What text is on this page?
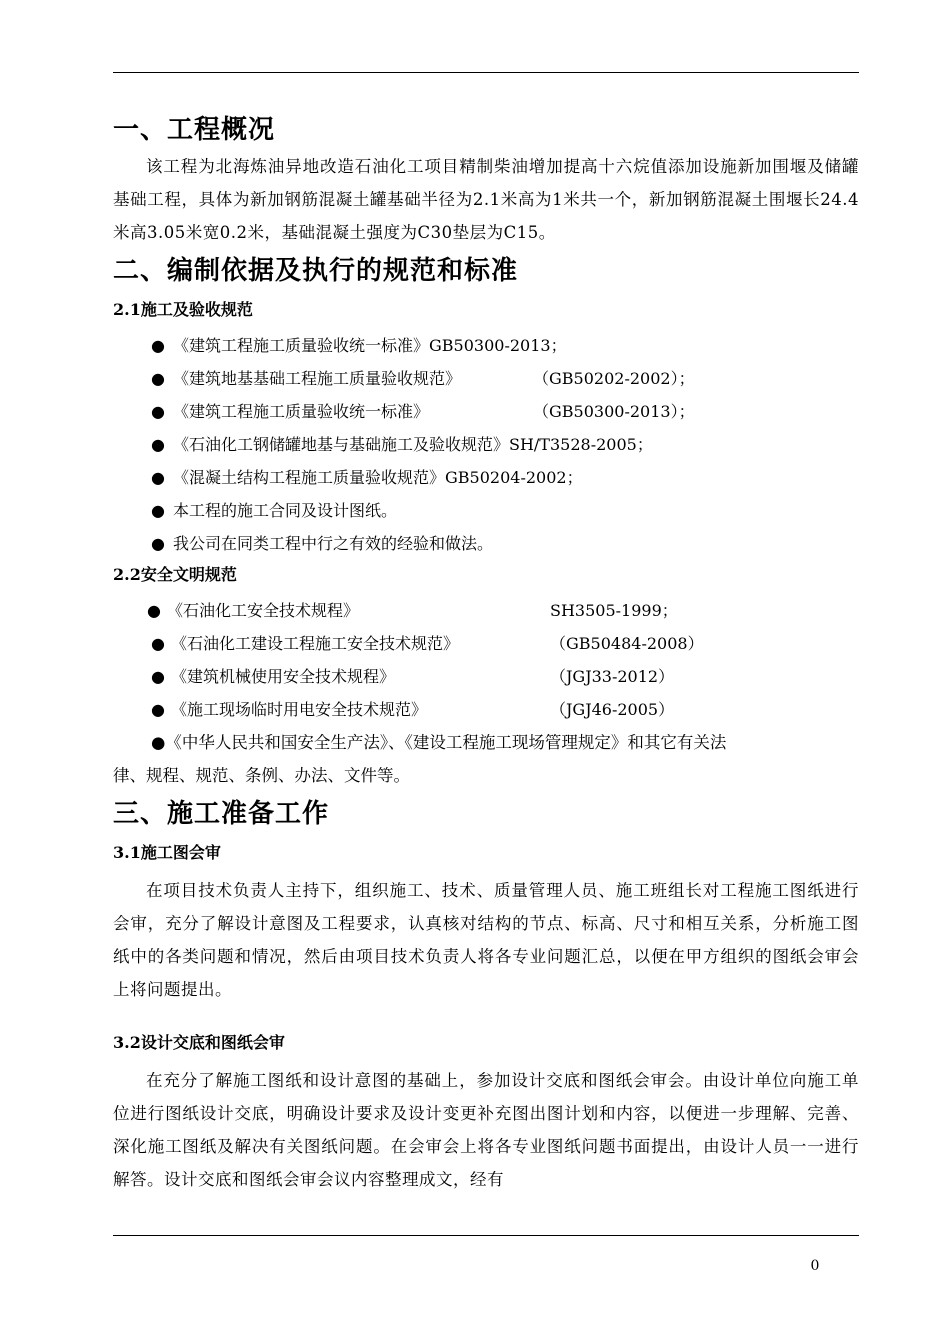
一、工程概况

该工程为北海炼油异地改造石油化工项目精制柴油增加提高十六烷值添加设施新加围堰及储罐基础工程，具体为新加钢筋混凝土罐基础半径为2.1米高为1米共一个，新加钢筋混凝土围堰长24.4米高3.05米宽0.2米，基础混凝土强度为C30垫层为C15。

二、编制依据及执行的规范和标准
2.1施工及验收规范
● 《建筑工程施工质量验收统一标准》GB50300-2013；
● 《建筑地基基础工程施工质量验收规范》	（GB50202-2002）；
● 《建筑工程施工质量验收统一标准》	（GB50300-2013）；
● 《石油化工钢储罐地基与基础施工及验收规范》SH/T3528-2005；
● 《混凝土结构工程施工质量验收规范》GB50204-2002；
● 本工程的施工合同及设计图纸。
● 我公司在同类工程中行之有效的经验和做法。
2.2安全文明规范
● 《石油化工安全技术规程》	SH3505-1999；
● 《石油化工建设工程施工安全技术规范》	（GB50484-2008）
● 《建筑机械使用安全技术规程》	（JGJ33-2012）
● 《施工现场临时用电安全技术规范》	（JGJ46-2005）
●《中华人民共和国安全生产法》、《建设工程施工现场管理规定》和其它有关法
律、规程、规范、条例、办法、文件等。
三、施工准备工作
3.1施工图会审

在项目技术负责人主持下，组织施工、技术、质量管理人员、施工班组长对工程施工图纸进行会审，充分了解设计意图及工程要求，认真核对结构的节点、标高、尺寸和相互关系，分析施工图纸中的各类问题和情况，然后由项目技术负责人将各专业问题汇总，以便在甲方组织的图纸会审会上将问题提出。

3.2设计交底和图纸会审

在充分了解施工图纸和设计意图的基础上，参加设计交底和图纸会审会。由设计单位向施工单位进行图纸设计交底，明确设计要求及设计变更补充图出图计划和内容，以便进一步理解、完善、深化施工图纸及解决有关图纸问题。在会审会上将各专业图纸问题书面提出，由设计人员一一进行解答。设计交底和图纸会审会议内容整理成文，经有

0
